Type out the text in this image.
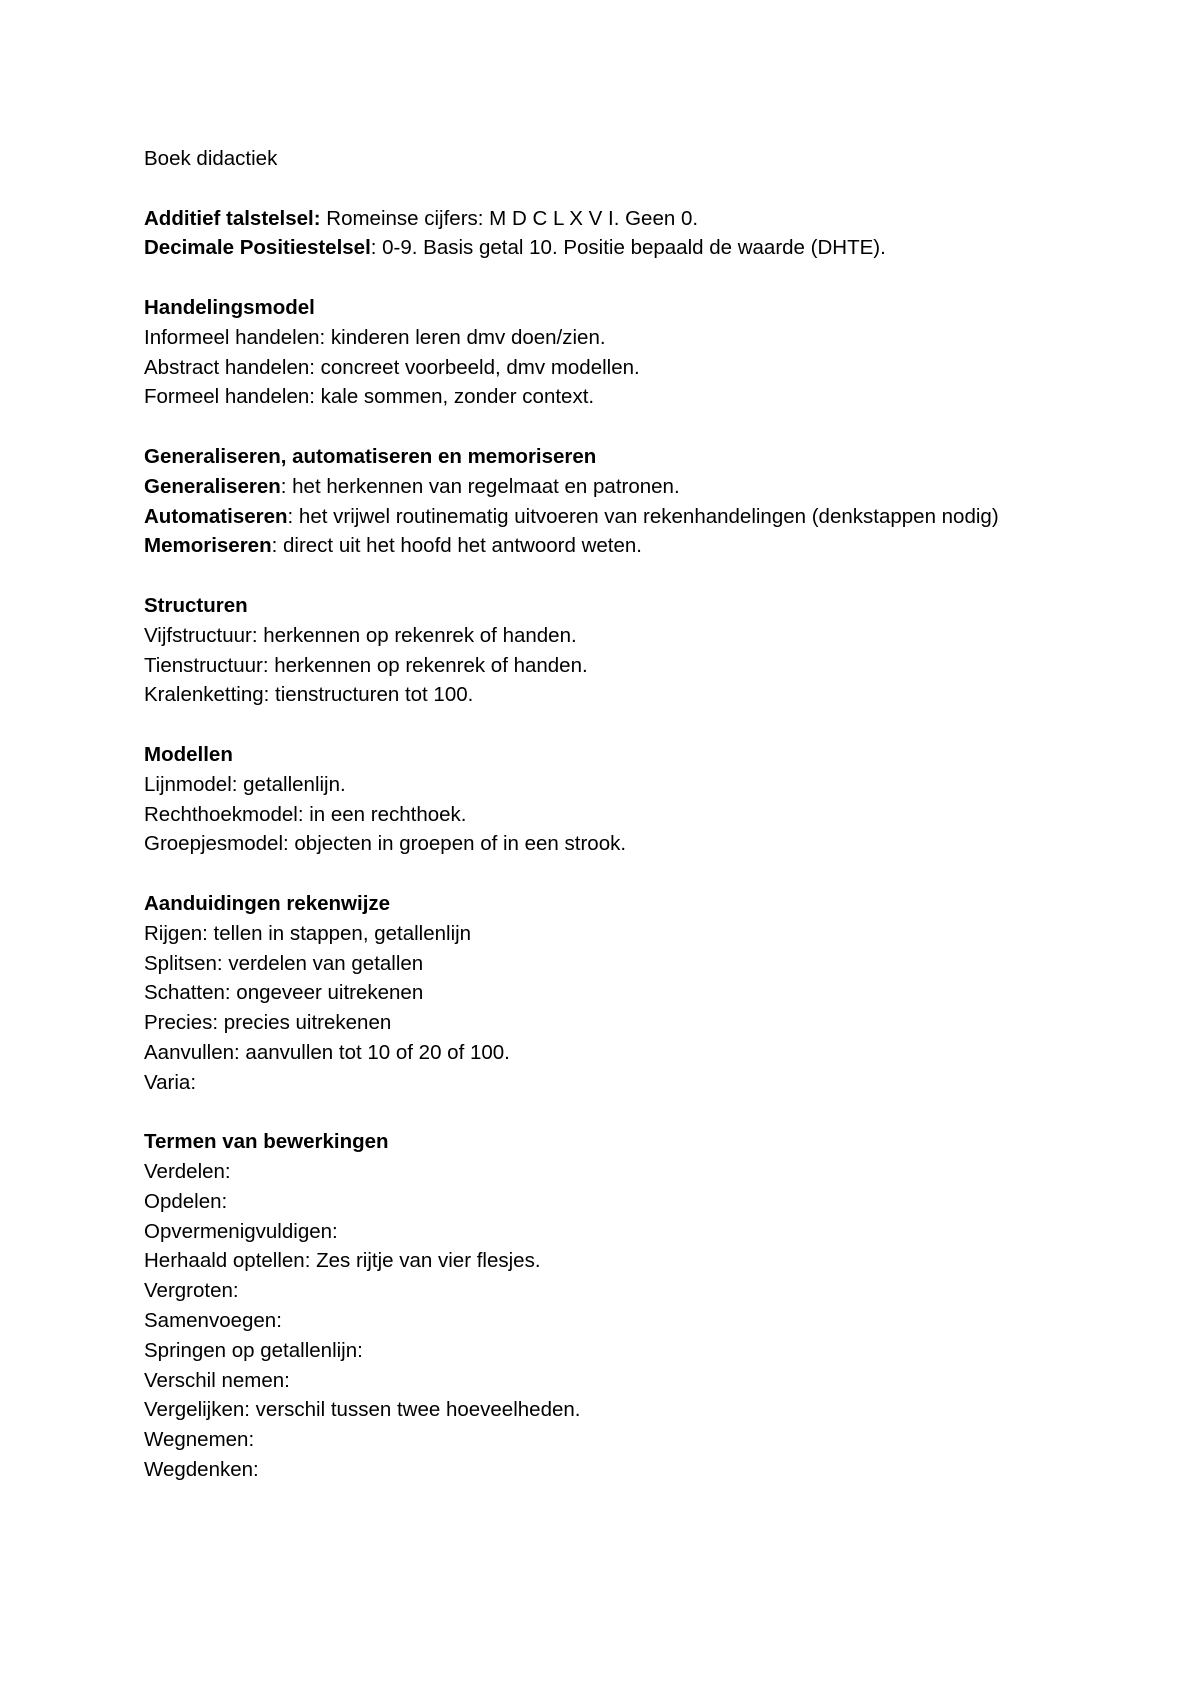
Boek didactiek
Additief talstelsel: Romeinse cijfers: M D C L X V I. Geen 0.
Decimale Positiestelsel: 0-9. Basis getal 10. Positie bepaald de waarde (DHTE).
Handelingsmodel
Informeel handelen: kinderen leren dmv doen/zien.
Abstract handelen: concreet voorbeeld, dmv modellen.
Formeel handelen: kale sommen, zonder context.
Generaliseren, automatiseren en memoriseren
Generaliseren: het herkennen van regelmaat en patronen.
Automatiseren: het vrijwel routinematig uitvoeren van rekenhandelingen (denkstappen nodig)
Memoriseren: direct uit het hoofd het antwoord weten.
Structuren
Vijfstructuur: herkennen op rekenrek of handen.
Tienstructuur: herkennen op rekenrek of handen.
Kralenketting: tienstructuren tot 100.
Modellen
Lijnmodel: getallenlijn.
Rechthoekmodel: in een rechthoek.
Groepjesmodel: objecten in groepen of in een strook.
Aanduidingen rekenwijze
Rijgen: tellen in stappen, getallenlijn
Splitsen: verdelen van getallen
Schatten: ongeveer uitrekenen
Precies: precies uitrekenen
Aanvullen: aanvullen tot 10 of 20 of 100.
Varia:
Termen van bewerkingen
Verdelen:
Opdelen:
Opvermenigvuldigen:
Herhaald optellen: Zes rijtje van vier flesjes.
Vergroten:
Samenvoegen:
Springen op getallenlijn:
Verschil nemen:
Vergelijken: verschil tussen twee hoeveelheden.
Wegnemen:
Wegdenken:
